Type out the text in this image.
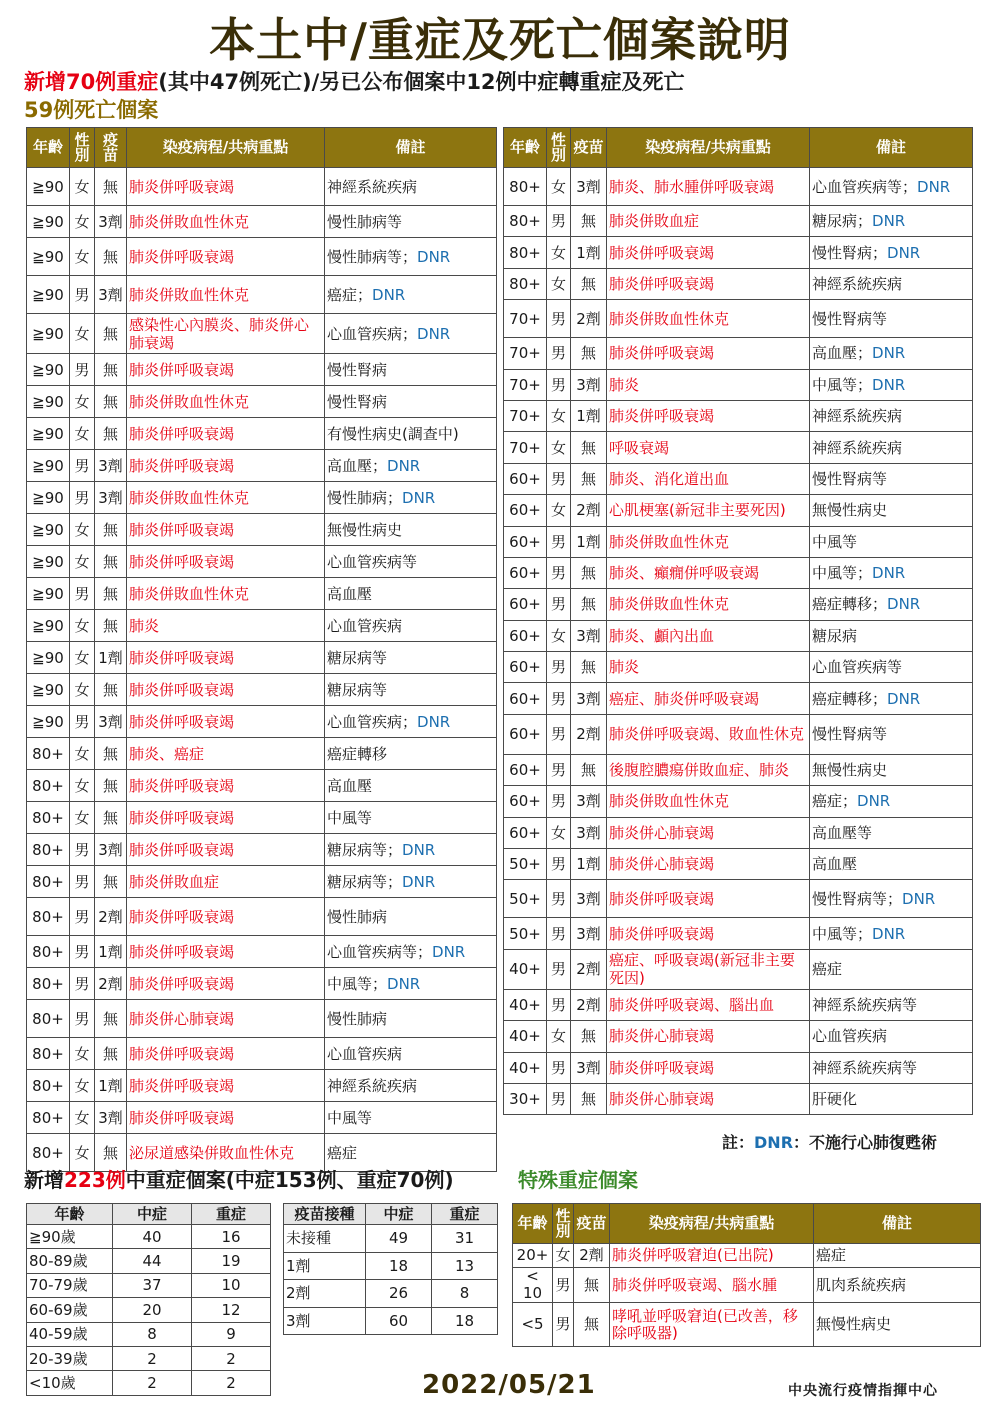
本土中/重症及死亡個案說明
新增70例重症(其中47例死亡)/另已公布個案中12例中症轉重症及死亡
59例死亡個案
年齡	性別	疫苗	染疫病程/共病重點	備註
≧90	女	無	肺炎併呼吸衰竭	神經系統疾病
≧90	女	3劑	肺炎併敗血性休克	慢性肺病等
≧90	女	無	肺炎併呼吸衰竭	慢性肺病等；DNR
≧90	男	3劑	肺炎併敗血性休克	癌症；DNR
≧90	女	無	感染性心內膜炎、肺炎併心肺衰竭	心血管疾病；DNR
≧90	男	無	肺炎併呼吸衰竭	慢性腎病
≧90	女	無	肺炎併敗血性休克	慢性腎病
≧90	女	無	肺炎併呼吸衰竭	有慢性病史(調查中)
≧90	男	3劑	肺炎併呼吸衰竭	高血壓；DNR
≧90	男	3劑	肺炎併敗血性休克	慢性肺病；DNR
≧90	女	無	肺炎併呼吸衰竭	無慢性病史
≧90	女	無	肺炎併呼吸衰竭	心血管疾病等
≧90	男	無	肺炎併敗血性休克	高血壓
≧90	女	無	肺炎	心血管疾病
≧90	女	1劑	肺炎併呼吸衰竭	糖尿病等
≧90	女	無	肺炎併呼吸衰竭	糖尿病等
≧90	男	3劑	肺炎併呼吸衰竭	心血管疾病；DNR
80+	女	無	肺炎、癌症	癌症轉移
80+	女	無	肺炎併呼吸衰竭	高血壓
80+	女	無	肺炎併呼吸衰竭	中風等
80+	男	3劑	肺炎併呼吸衰竭	糖尿病等；DNR
80+	男	無	肺炎併敗血症	糖尿病等；DNR
80+	男	2劑	肺炎併呼吸衰竭	慢性肺病
80+	男	1劑	肺炎併呼吸衰竭	心血管疾病等；DNR
80+	男	2劑	肺炎併呼吸衰竭	中風等；DNR
80+	男	無	肺炎併心肺衰竭	慢性肺病
80+	女	無	肺炎併呼吸衰竭	心血管疾病
80+	女	1劑	肺炎併呼吸衰竭	神經系統疾病
80+	女	3劑	肺炎併呼吸衰竭	中風等
80+	女	無	泌尿道感染併敗血性休克	癌症
年齡	性別	疫苗	染疫病程/共病重點	備註
80+	女	3劑	肺炎、肺水腫併呼吸衰竭	心血管疾病等；DNR
80+	男	無	肺炎併敗血症	糖尿病；DNR
80+	女	1劑	肺炎併呼吸衰竭	慢性腎病；DNR
80+	女	無	肺炎併呼吸衰竭	神經系統疾病
70+	男	2劑	肺炎併敗血性休克	慢性腎病等
70+	男	無	肺炎併呼吸衰竭	高血壓；DNR
70+	男	3劑	肺炎	中風等；DNR
70+	女	1劑	肺炎併呼吸衰竭	神經系統疾病
70+	女	無	呼吸衰竭	神經系統疾病
60+	男	無	肺炎、消化道出血	慢性腎病等
60+	女	2劑	心肌梗塞(新冠非主要死因)	無慢性病史
60+	男	1劑	肺炎併敗血性休克	中風等
60+	男	無	肺炎、癲癇併呼吸衰竭	中風等；DNR
60+	男	無	肺炎併敗血性休克	癌症轉移；DNR
60+	女	3劑	肺炎、顱內出血	糖尿病
60+	男	無	肺炎	心血管疾病等
60+	男	3劑	癌症、肺炎併呼吸衰竭	癌症轉移；DNR
60+	男	2劑	肺炎併呼吸衰竭、敗血性休克	慢性腎病等
60+	男	無	後腹腔膿瘍併敗血症、肺炎	無慢性病史
60+	男	3劑	肺炎併敗血性休克	癌症；DNR
60+	女	3劑	肺炎併心肺衰竭	高血壓等
50+	男	1劑	肺炎併心肺衰竭	高血壓
50+	男	3劑	肺炎併呼吸衰竭	慢性腎病等；DNR
50+	男	3劑	肺炎併呼吸衰竭	中風等；DNR
40+	男	2劑	癌症、呼吸衰竭(新冠非主要死因)	癌症
40+	男	2劑	肺炎併呼吸衰竭、腦出血	神經系統疾病等
40+	女	無	肺炎併心肺衰竭	心血管疾病
40+	男	3劑	肺炎併呼吸衰竭	神經系統疾病等
30+	男	無	肺炎併心肺衰竭	肝硬化
註：DNR：不施行心肺復甦術
新增223例中重症個案(中症153例、重症70例)	特殊重症個案
年齡	中症	重症
≧90歲	40	16
80-89歲	44	19
70-79歲	37	10
60-69歲	20	12
40-59歲	8	9
20-39歲	2	2
<10歲	2	2
疫苗接種	中症	重症
未接種	49	31
1劑	18	13
2劑	26	8
3劑	60	18
年齡	性別	疫苗	染疫病程/共病重點	備註
20+	女	2劑	肺炎併呼吸窘迫(已出院)	癌症
< 10	男	無	肺炎併呼吸衰竭、腦水腫	肌肉系統疾病
<5	男	無	哮吼並呼吸窘迫(已改善，移除呼吸器)	無慢性病史
2022/05/21	中央流行疫情指揮中心
